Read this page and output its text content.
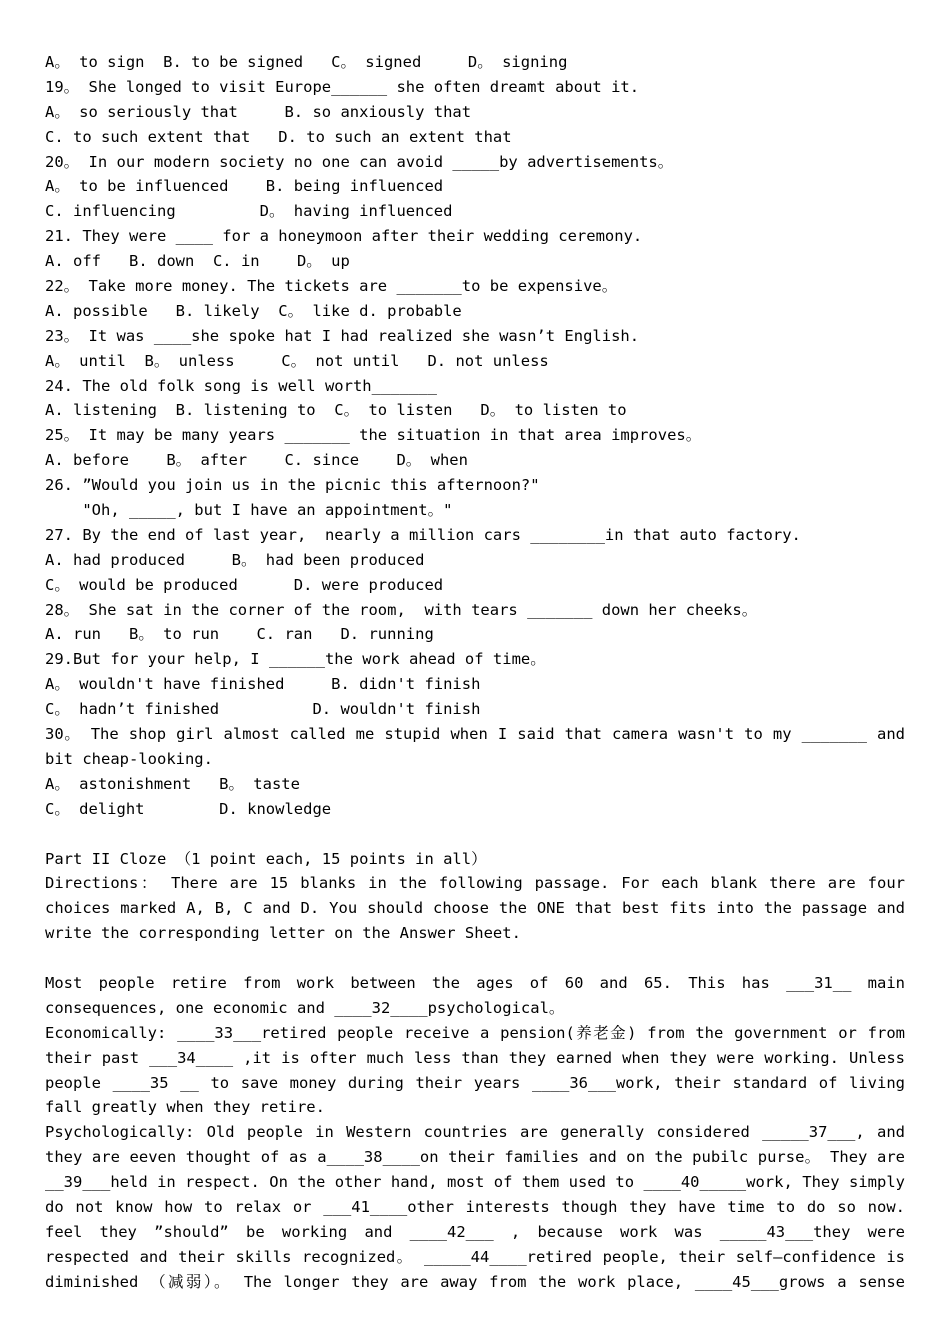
A。 to sign  B. to be signed   C。 signed     D。 signing
19。 She longed to visit Europe______ she often dreamt about it.
A。 so seriously that     B. so anxiously that
C. to such extent that   D. to such an extent that
20。 In our modern society no one can avoid _____by advertisements。
A。 to be influenced    B. being influenced
C. influencing         D。 having influenced
21. They were ____ for a honeymoon after their wedding ceremony.
A. off   B. down  C. in    D。 up
22。 Take more money. The tickets are _______to be expensive。
A. possible   B. likely  C。 like d. probable
23。 It was ____she spoke hat I had realized she wasn’t English.
A。 until  B。 unless     C。 not until   D. not unless
24. The old folk song is well worth_______
A. listening  B. listening to  C。 to listen   D。 to listen to
25。 It may be many years _______ the situation in that area improves。
A. before    B。 after    C. since    D。 when
26. ”Would you join us in the picnic this afternoon?"
"Oh, _____, but I have an appointment。"
27. By the end of last year,  nearly a million cars ________in that auto factory.
A. had produced     B。 had been produced
C。 would be produced      D. were produced
28。 She sat in the corner of the room,  with tears _______ down her cheeks。
A. run   B。 to run    C. ran   D. running
29.But for your help, I ______the work ahead of time。
A。 wouldn't have finished     B. didn't finish
C。 hadn’t finished          D. wouldn't finish
30。 The shop girl almost called me stupid when I said that camera wasn't to my _______ and
bit cheap-looking.
A。 astonishment   B。 taste
C。 delight        D. knowledge
Part II Cloze （1 point each, 15 points in all）
Directions： There are 15 blanks in the following passage. For each blank there are four
choices marked A, B, C and D. You should choose the ONE that best fits into the passage and
write the corresponding letter on the Answer Sheet.
Most people retire from work between the ages of 60 and 65. This has ___31__ main
consequences, one economic and ____32____psychological。
Economically: ____33___retired people receive a pension(养老金) from the government or from
their past ___34____ ,it is ofter much less than they earned when they were working. Unless
people ____35 __ to save money during their years ____36___work, their standard of living
fall greatly when they retire.
Psychologically: Old people in Western countries are generally considered _____37___, and
they are eeven thought of as a____38____on their families and on the pubilc purse。 They are
__39___held in respect. On the other hand, most of them used to ____40_____work, They simply
do not know how to relax or ___41____other interests though they have time to do so now.
feel they ”should” be working and ____42___ , because work was _____43___they were
respected and their skills recognized。 _____44____retired people, their self—confidence is
diminished （减弱）。 The longer they are away from the work place, ____45___grows a sense
